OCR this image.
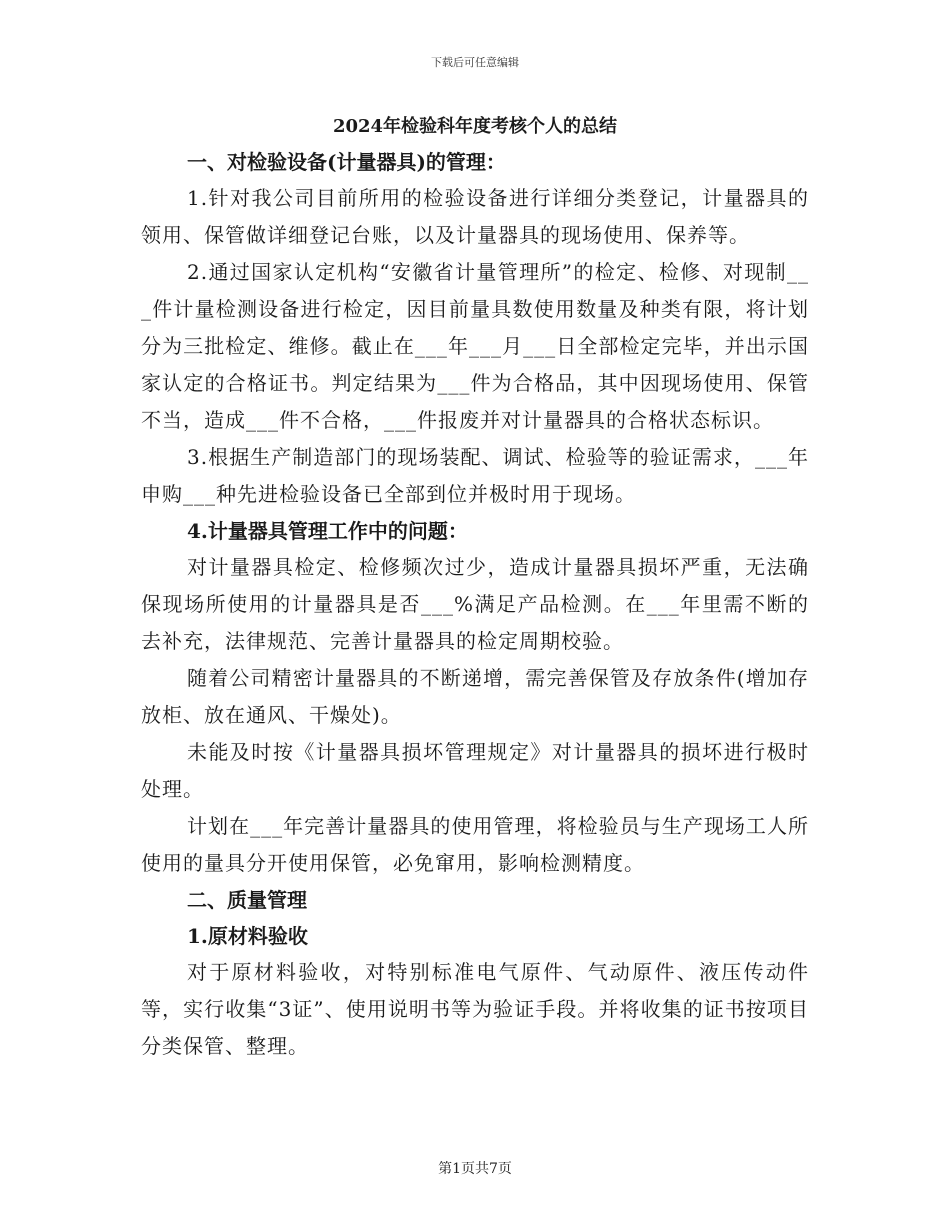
下载后可任意编辑
2024年检验科年度考核个人的总结
一、对检验设备(计量器具)的管理：
1.针对我公司目前所用的检验设备进行详细分类登记，计量器具的领用、保管做详细登记台账，以及计量器具的现场使用、保养等。
2.通过国家认定机构“安徽省计量管理所”的检定、检修、对现制___件计量检测设备进行检定，因目前量具数使用数量及种类有限，将计划分为三批检定、维修。截止在___年___月___日全部检定完毕，并出示国家认定的合格证书。判定结果为___件为合格品，其中因现场使用、保管不当，造成___件不合格，___件报废并对计量器具的合格状态标识。
3.根据生产制造部门的现场装配、调试、检验等的验证需求，___年申购___种先进检验设备已全部到位并极时用于现场。
4.计量器具管理工作中的问题：
对计量器具检定、检修频次过少，造成计量器具损坏严重，无法确保现场所使用的计量器具是否___%满足产品检测。在___年里需不断的去补充，法律规范、完善计量器具的检定周期校验。
随着公司精密计量器具的不断递增，需完善保管及存放条件(增加存放柜、放在通风、干燥处)。
未能及时按《计量器具损坏管理规定》对计量器具的损坏进行极时处理。
计划在___年完善计量器具的使用管理，将检验员与生产现场工人所使用的量具分开使用保管，必免窜用，影响检测精度。
二、质量管理
1.原材料验收
对于原材料验收，对特别标准电气原件、气动原件、液压传动件等，实行收集“3证”、使用说明书等为验证手段。并将收集的证书按项目分类保管、整理。
第1页共7页
